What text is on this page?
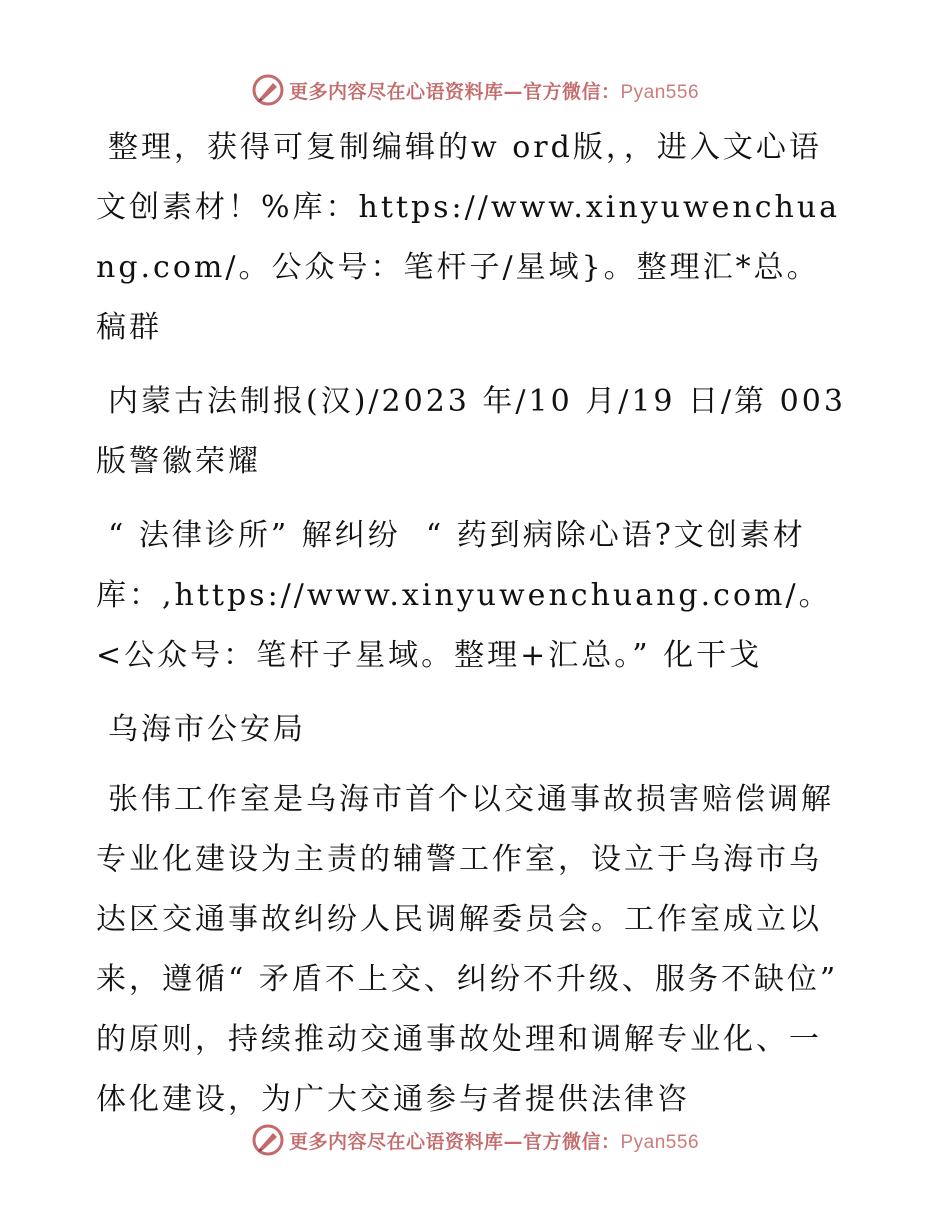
更多内容尽在心语资料库—官方微信：Pyan556

整理，获得可复制编辑的w ord版，，进入文心语文创素材！%库：https://www.xinyuwenchuang.com/。公众号：笔杆子/星域}。整理汇*总。稿群

内蒙古法制报(汉)/2023 年/10 月/19 日/第 003版警徽荣耀

“ 法律诊所” 解纠纷  “ 药到病除心语?文创素材库：,https://www.xinyuwenchuang.com/。<公众号：笔杆子星域。整理+汇总。” 化干戈

乌海市公安局

张伟工作室是乌海市首个以交通事故损害赔偿调解专业化建设为主责的辅警工作室，设立于乌海市乌达区交通事故纠纷人民调解委员会。工作室成立以来，遵循“ 矛盾不上交、纠纷不升级、服务不缺位” 的原则，持续推动交通事故处理和调解专业化、一体化建设，为广大交通参与者提供法律咨

更多内容尽在心语资料库—官方微信：Pyan556
